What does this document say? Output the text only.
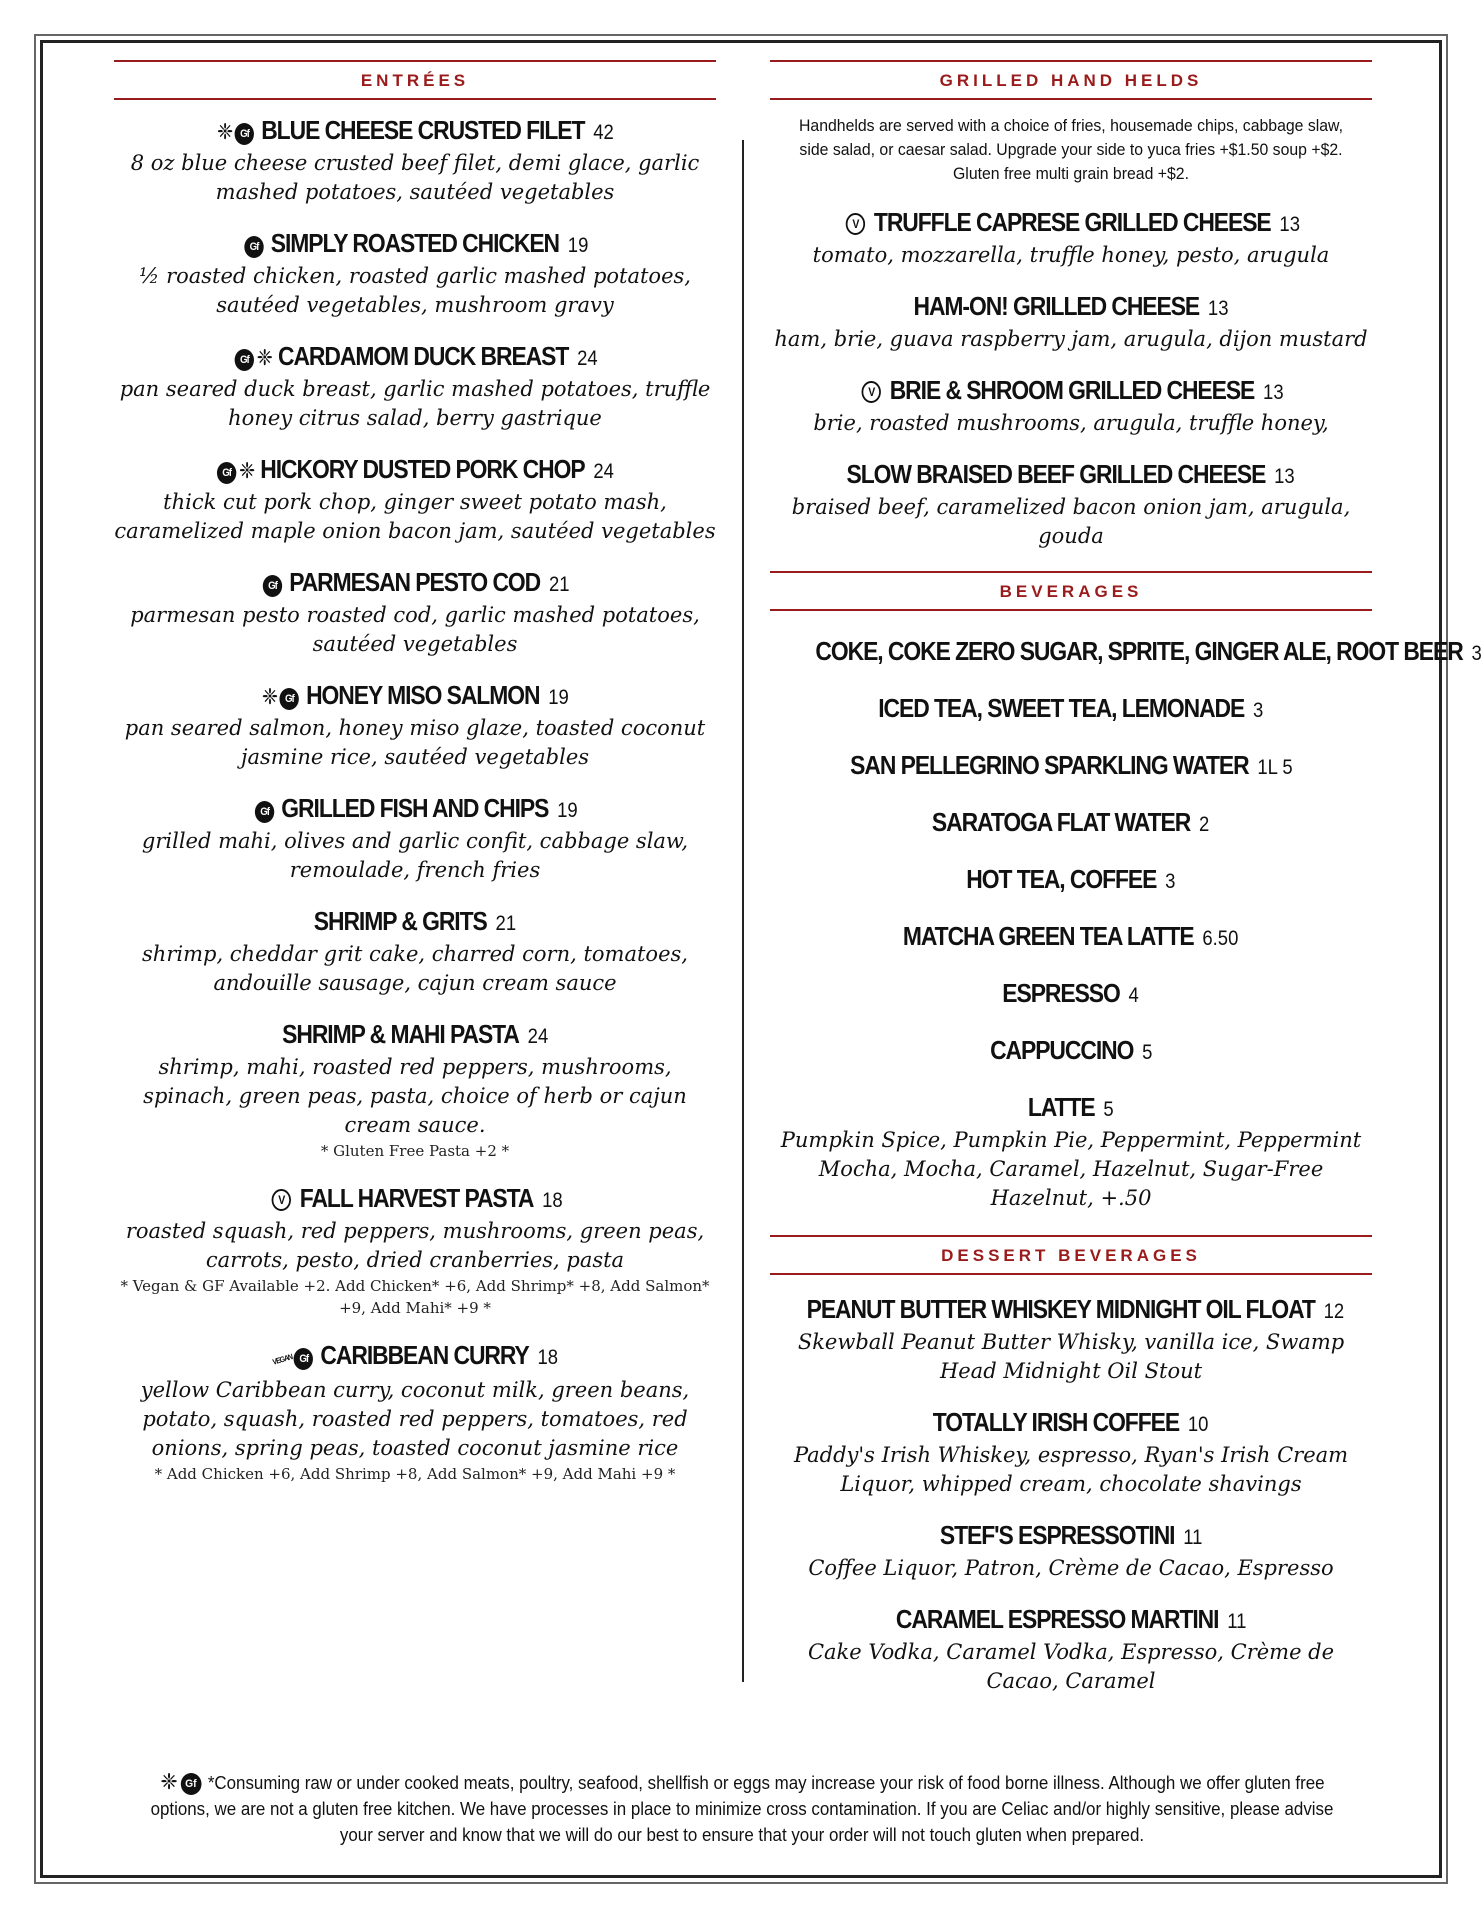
ENTRÉES
❈ Gf BLUE CHEESE CRUSTED FILET 42
8 oz blue cheese crusted beef filet, demi glace, garlic mashed potatoes, sautéed vegetables
Gf SIMPLY ROASTED CHICKEN 19
½ roasted chicken, roasted garlic mashed potatoes, sautéed vegetables, mushroom gravy
Gf ❈ CARDAMOM DUCK BREAST 24
pan seared duck breast, garlic mashed potatoes, truffle honey citrus salad, berry gastrique
Gf ❈ HICKORY DUSTED PORK CHOP 24
thick cut pork chop, ginger sweet potato mash, caramelized maple onion bacon jam, sautéed vegetables
Gf PARMESAN PESTO COD 21
parmesan pesto roasted cod, garlic mashed potatoes, sautéed vegetables
❈ Gf HONEY MISO SALMON 19
pan seared salmon, honey miso glaze, toasted coconut jasmine rice, sautéed vegetables
Gf GRILLED FISH AND CHIPS 19
grilled mahi, olives and garlic confit, cabbage slaw, remoulade, french fries
SHRIMP & GRITS 21
shrimp, cheddar grit cake, charred corn, tomatoes, andouille sausage, cajun cream sauce
SHRIMP & MAHI PASTA 24
shrimp, mahi, roasted red peppers, mushrooms, spinach, green peas, pasta, choice of herb or cajun cream sauce.
* Gluten Free Pasta +2 *
V FALL HARVEST PASTA 18
roasted squash, red peppers, mushrooms, green peas, carrots, pesto, dried cranberries, pasta
* Vegan & GF Available +2. Add Chicken* +6, Add Shrimp* +8, Add Salmon* +9, Add Mahi* +9 *
VEGAN Gf CARIBBEAN CURRY 18
yellow Caribbean curry, coconut milk, green beans, potato, squash, roasted red peppers, tomatoes, red onions, spring peas, toasted coconut jasmine rice
* Add Chicken +6, Add Shrimp +8, Add Salmon* +9, Add Mahi +9 *
GRILLED HAND HELDS
Handhelds are served with a choice of fries, housemade chips, cabbage slaw, side salad, or caesar salad. Upgrade your side to yuca fries +$1.50 soup +$2. Gluten free multi grain bread +$2.
V TRUFFLE CAPRESE GRILLED CHEESE 13
tomato, mozzarella, truffle honey, pesto, arugula
HAM-ON! GRILLED CHEESE 13
ham, brie, guava raspberry jam, arugula, dijon mustard
V BRIE & SHROOM GRILLED CHEESE 13
brie, roasted mushrooms, arugula, truffle honey,
SLOW BRAISED BEEF GRILLED CHEESE 13
braised beef, caramelized bacon onion jam, arugula, gouda
BEVERAGES
COKE, COKE ZERO SUGAR, SPRITE, GINGER ALE, ROOT BEER 3
ICED TEA, SWEET TEA, LEMONADE 3
SAN PELLEGRINO SPARKLING WATER 1L 5
SARATOGA FLAT WATER 2
HOT TEA, COFFEE 3
MATCHA GREEN TEA LATTE 6.50
ESPRESSO 4
CAPPUCCINO 5
LATTE 5
Pumpkin Spice, Pumpkin Pie, Peppermint, Peppermint Mocha, Mocha, Caramel, Hazelnut, Sugar-Free Hazelnut, +.50
DESSERT BEVERAGES
PEANUT BUTTER WHISKEY MIDNIGHT OIL FLOAT 12
Skewball Peanut Butter Whisky, vanilla ice, Swamp Head Midnight Oil Stout
TOTALLY IRISH COFFEE 10
Paddy's Irish Whiskey, espresso, Ryan's Irish Cream Liquor, whipped cream, chocolate shavings
STEF'S ESPRESSOTINI 11
Coffee Liquor, Patron, Crème de Cacao, Espresso
CARAMEL ESPRESSO MARTINI 11
Cake Vodka, Caramel Vodka, Espresso, Crème de Cacao, Caramel
❈ Gf *Consuming raw or under cooked meats, poultry, seafood, shellfish or eggs may increase your risk of food borne illness. Although we offer gluten free options, we are not a gluten free kitchen. We have processes in place to minimize cross contamination. If you are Celiac and/or highly sensitive, please advise your server and know that we will do our best to ensure that your order will not touch gluten when prepared.
